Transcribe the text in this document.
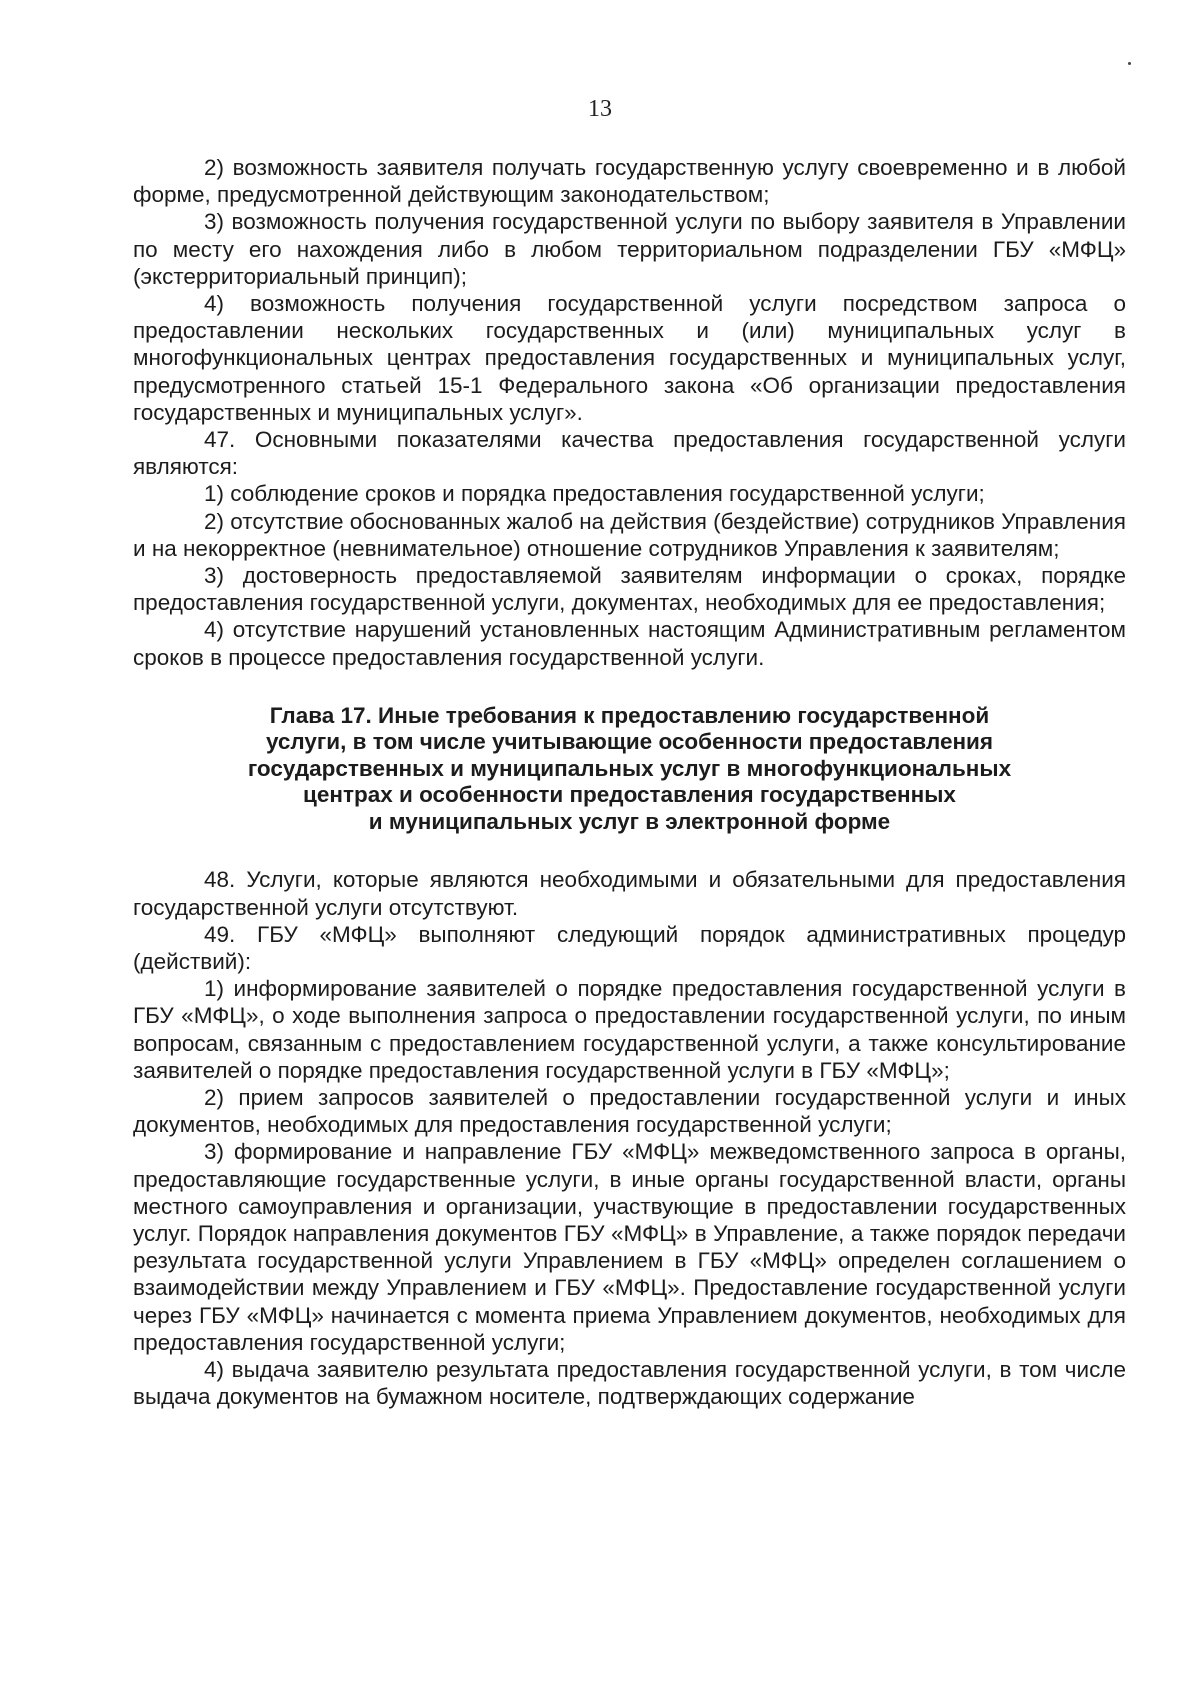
13

2) возможность заявителя получать государственную услугу своевременно и в любой форме, предусмотренной действующим законодательством;

3) возможность получения государственной услуги по выбору заявителя в Управлении по месту его нахождения либо в любом территориальном подразделении ГБУ «МФЦ» (экстерриториальный принцип);

4) возможность получения государственной услуги посредством запроса о предоставлении нескольких государственных и (или) муниципальных услуг в многофункциональных центрах предоставления государственных и муниципальных услуг, предусмотренного статьей 15-1 Федерального закона «Об организации предоставления государственных и муниципальных услуг».

47. Основными показателями качества предоставления государственной услуги являются:

1) соблюдение сроков и порядка предоставления государственной услуги;

2) отсутствие обоснованных жалоб на действия (бездействие) сотрудников Управления и на некорректное (невнимательное) отношение сотрудников Управления к заявителям;

3) достоверность предоставляемой заявителям информации о сроках, порядке предоставления государственной услуги, документах, необходимых для ее предоставления;

4) отсутствие нарушений установленных настоящим Административным регламентом сроков в процессе предоставления государственной услуги.

Глава 17. Иные требования к предоставлению государственной
услуги, в том числе учитывающие особенности предоставления
государственных и муниципальных услуг в многофункциональных
центрах и особенности предоставления государственных
и муниципальных услуг в электронной форме

48. Услуги, которые являются необходимыми и обязательными для предоставления государственной услуги отсутствуют.

49. ГБУ «МФЦ» выполняют следующий порядок административных процедур (действий):

1) информирование заявителей о порядке предоставления государственной услуги в ГБУ «МФЦ», о ходе выполнения запроса о предоставлении государственной услуги, по иным вопросам, связанным с предоставлением государственной услуги, а также консультирование заявителей о порядке предоставления государственной услуги в ГБУ «МФЦ»;

2) прием запросов заявителей о предоставлении государственной услуги и иных документов, необходимых для предоставления государственной услуги;

3) формирование и направление ГБУ «МФЦ» межведомственного запроса в органы, предоставляющие государственные услуги, в иные органы государственной власти, органы местного самоуправления и организации, участвующие в предоставлении государственных услуг. Порядок направления документов ГБУ «МФЦ» в Управление, а также порядок передачи результата государственной услуги Управлением в ГБУ «МФЦ» определен соглашением о взаимодействии между Управлением и ГБУ «МФЦ». Предоставление государственной услуги через ГБУ «МФЦ» начинается с момента приема Управлением документов, необходимых для предоставления государственной услуги;

4) выдача заявителю результата предоставления государственной услуги, в том числе выдача документов на бумажном носителе, подтверждающих содержание
